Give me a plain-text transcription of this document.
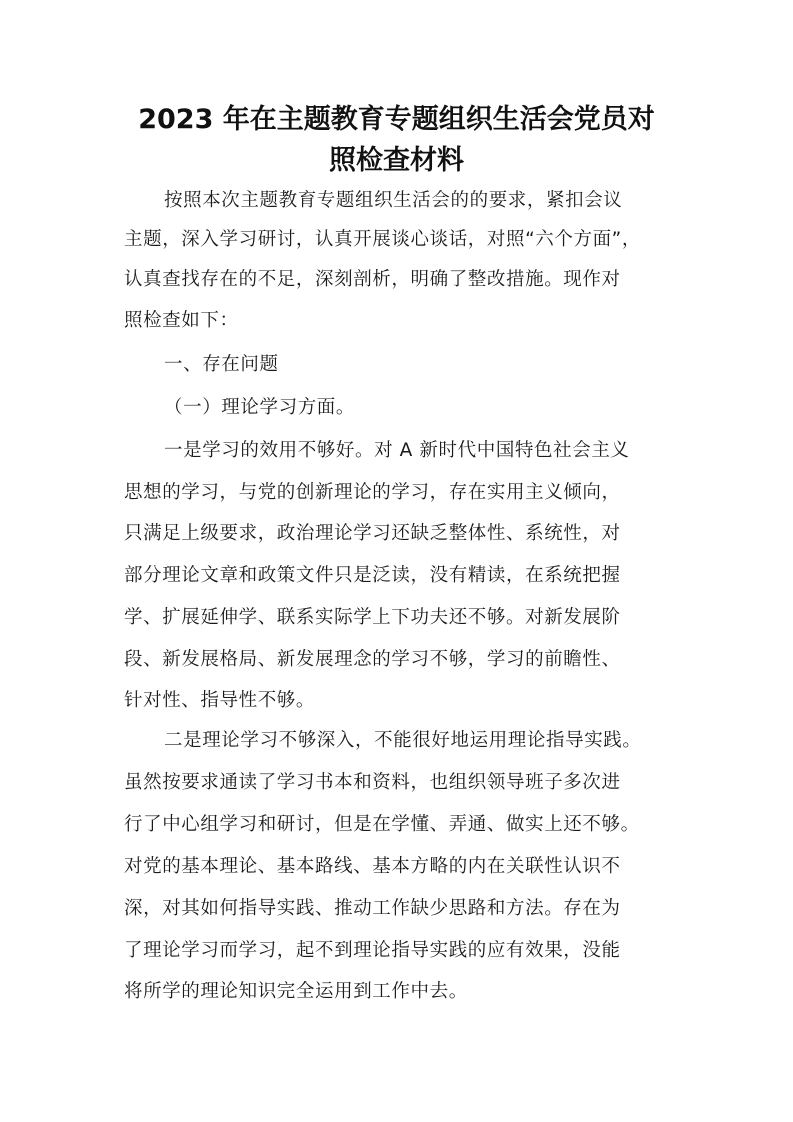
2023 年在主题教育专题组织生活会党员对
照检查材料

按照本次主题教育专题组织生活会的的要求，紧扣会议

主题，深入学习研讨，认真开展谈心谈话，对照“六个方面”，

认真查找存在的不足，深刻剖析，明确了整改措施。现作对

照检查如下：

一、存在问题

（一）理论学习方面。

一是学习的效用不够好。对 A 新时代中国特色社会主义

思想的学习，与党的创新理论的学习，存在实用主义倾向，

只满足上级要求，政治理论学习还缺乏整体性、系统性，对

部分理论文章和政策文件只是泛读，没有精读，在系统把握

学、扩展延伸学、联系实际学上下功夫还不够。对新发展阶

段、新发展格局、新发展理念的学习不够，学习的前瞻性、

针对性、指导性不够。

二是理论学习不够深入，不能很好地运用理论指导实践。

虽然按要求通读了学习书本和资料，也组织领导班子多次进

行了中心组学习和研讨，但是在学懂、弄通、做实上还不够。

对党的基本理论、基本路线、基本方略的内在关联性认识不

深，对其如何指导实践、推动工作缺少思路和方法。存在为

了理论学习而学习，起不到理论指导实践的应有效果，没能

将所学的理论知识完全运用到工作中去。
